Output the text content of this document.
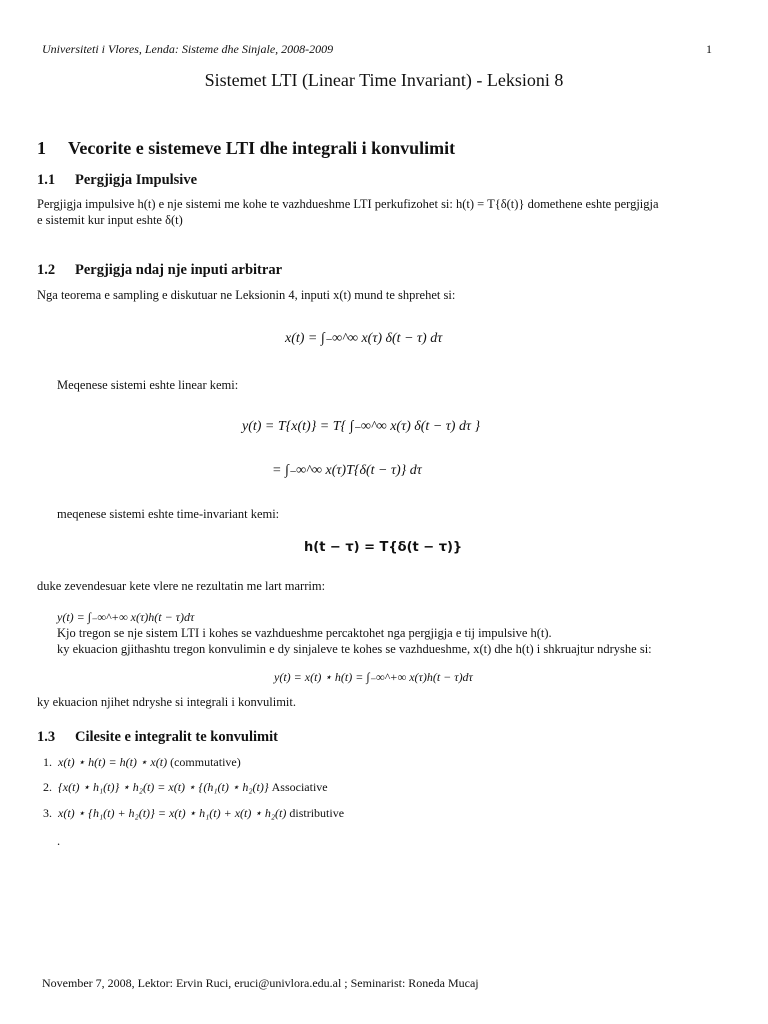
Universiteti i Vlores, Lenda: Sisteme dhe Sinjale, 2008-2009	1
Sistemet LTI (Linear Time Invariant) - Leksioni 8
1 Vecorite e sistemeve LTI dhe integrali i konvulimit
1.1 Pergjigja Impulsive
Pergjigja impulsive h(t) e nje sistemi me kohe te vazhdueshme LTI perkufizohet si: h(t) = T{δ(t)} domethene eshte pergjigja
e sistemit kur input eshte δ(t)
1.2 Pergjigja ndaj nje inputi arbitrar
Nga teorema e sampling e diskutuar ne Leksionin 4, inputi x(t) mund te shprehet si:
x(t) = ∫₋∞^∞ x(τ) δ(t − τ) dτ
Meqenese sistemi eshte linear kemi:
y(t) = T{x(t)} = T{ ∫₋∞^∞ x(τ) δ(t − τ) dτ }
= ∫₋∞^∞ x(τ)T{δ(t − τ)} dτ
meqenese sistemi eshte time-invariant kemi:
h(t − τ) = T{δ(t − τ)}
duke zevendesuar kete vlere ne rezultatin me lart marrim:
y(t) = ∫₋∞^+∞ x(τ)h(t − τ)dτ
Kjo tregon se nje sistem LTI i kohes se vazhdueshme percaktohet nga pergjigja e tij impulsive h(t).
ky ekuacion gjithashtu tregon konvulimin e dy sinjaleve te kohes se vazhdueshme, x(t) dhe h(t) i shkruajtur ndryshe si:
y(t) = x(t) ⋆ h(t) = ∫₋∞^+∞ x(τ)h(t − τ)dτ
ky ekuacion njihet ndryshe si integrali i konvulimit.
1.3 Cilesite e integralit te konvulimit
1. x(t) ⋆ h(t) = h(t) ⋆ x(t) (commutative)
2. {x(t) ⋆ h₁(t)} ⋆ h₂(t) = x(t) ⋆ {(h₁(t) ⋆ h₂(t)} Associative
3. x(t) ⋆ {h₁(t) + h₂(t)} = x(t) ⋆ h₁(t) + x(t) ⋆ h₂(t) distributive
.
November 7, 2008, Lektor: Ervin Ruci, eruci@univlora.edu.al ; Seminarist: Roneda Mucaj
